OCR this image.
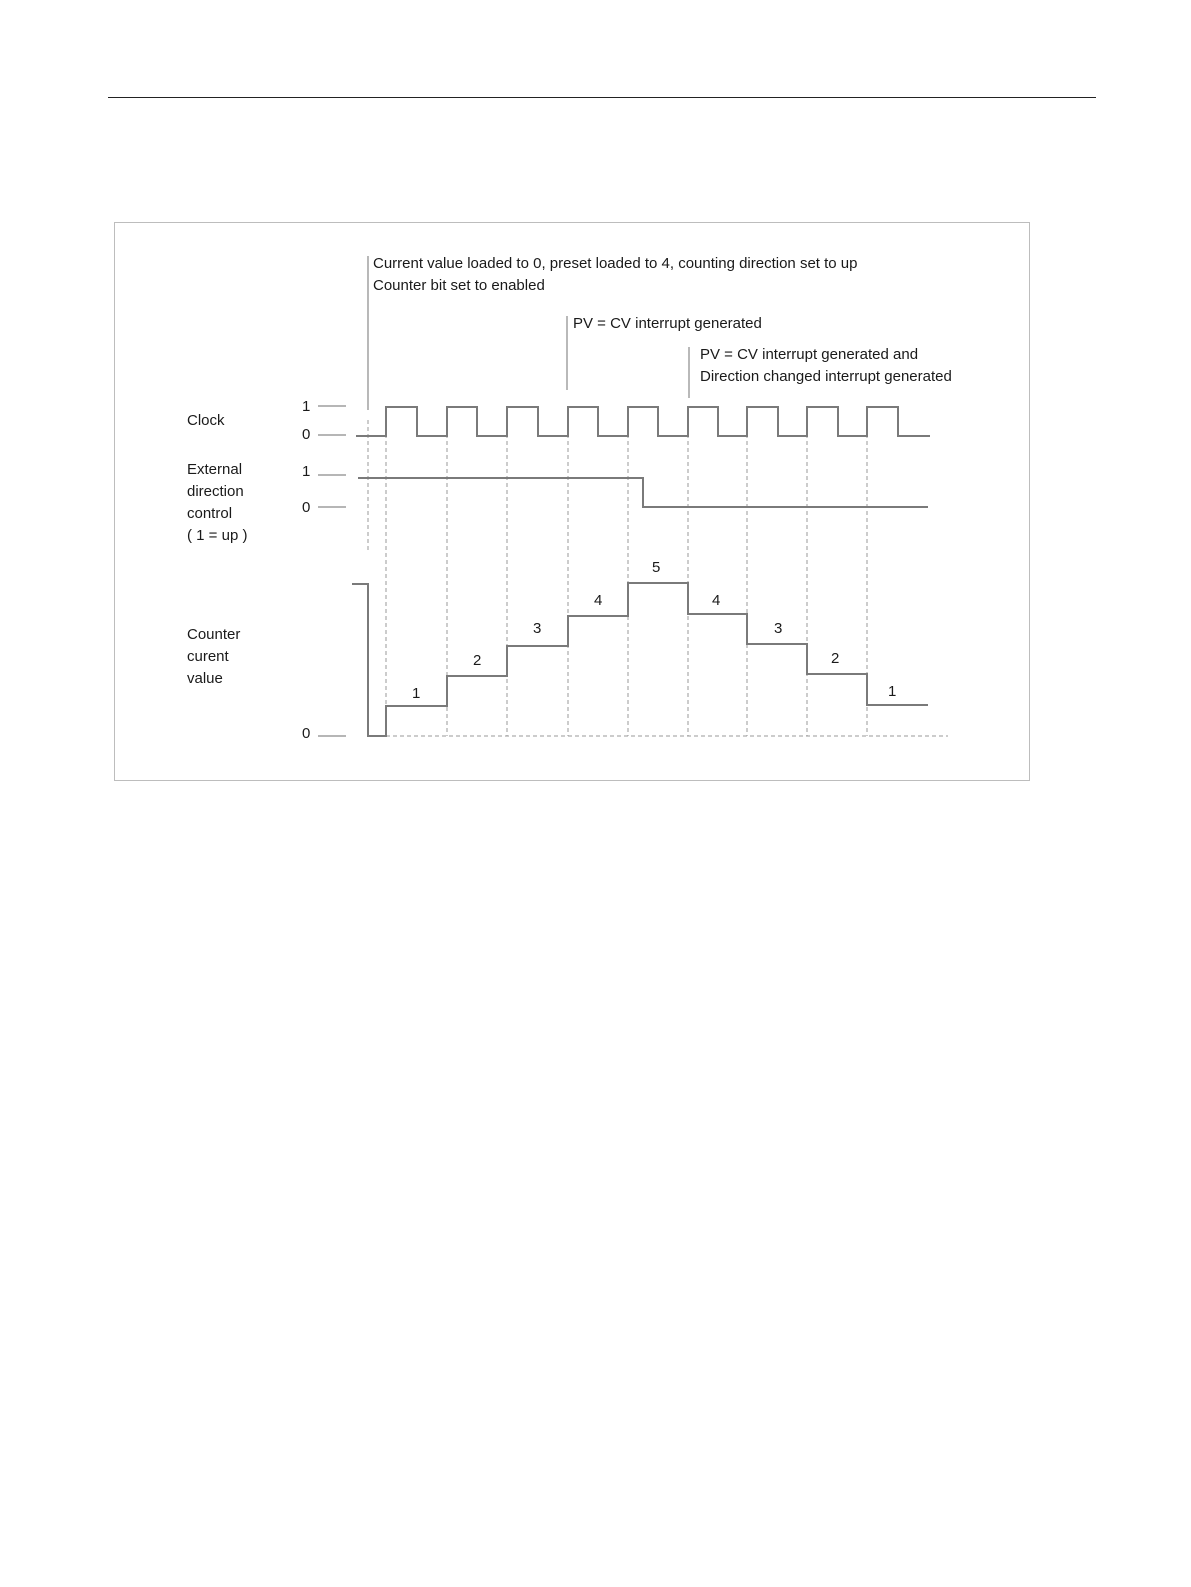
Current value loaded to 0, preset loaded to 4, counting direction set to up
Counter bit set to enabled
PV = CV interrupt generated
PV = CV interrupt generated and
Direction changed interrupt generated
Clock
1
0
External
direction
control
( 1 = up )
1
0
Counter
curent
value
0
1
2
3
4
5
4
3
2
1
